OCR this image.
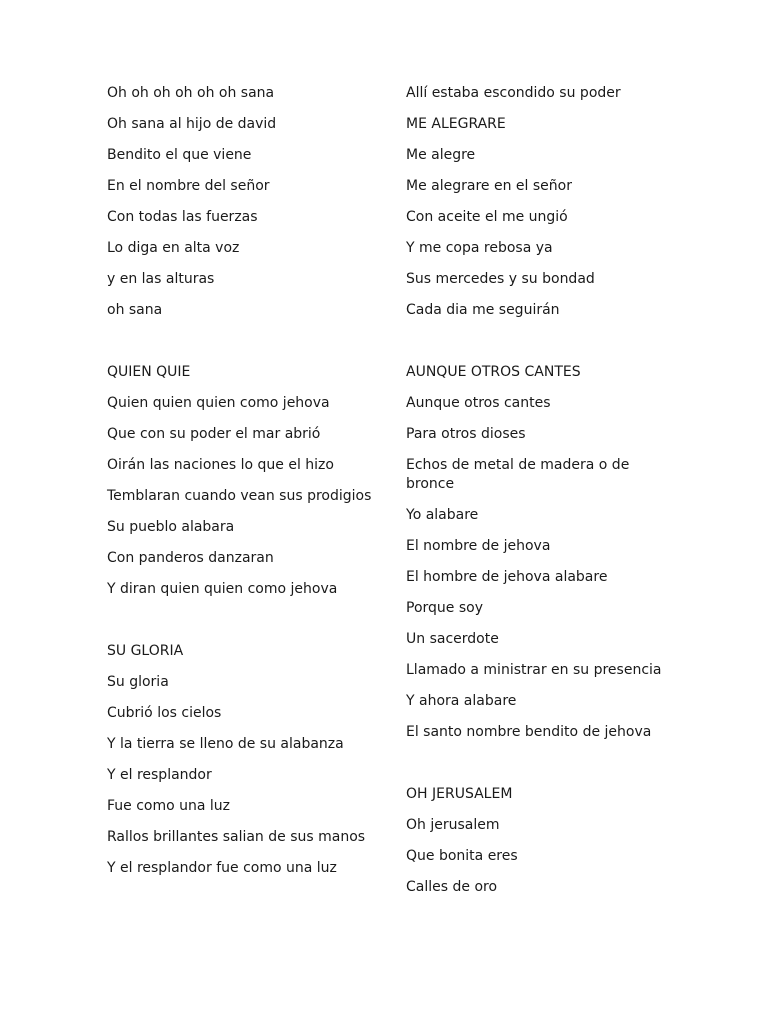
Oh oh oh oh oh oh sana

Oh sana al hijo de david

Bendito el que viene

En el nombre del señor

Con todas las fuerzas

Lo diga en alta voz

y en las alturas

oh sana

QUIEN QUIE

Quien quien quien como jehova

Que con su poder el mar abrió

Oirán las naciones lo que el hizo

Temblaran cuando vean sus prodigios

Su pueblo alabara

Con panderos danzaran

Y diran quien quien como jehova

SU GLORIA

Su gloria

Cubrió los cielos

Y la tierra se lleno de su alabanza

Y el resplandor

Fue como una luz

Rallos brillantes salian de sus manos

Y el resplandor fue como una luz

Allí estaba escondido su poder

ME ALEGRARE

Me alegre

Me alegrare en el señor

Con aceite el me ungió

Y me copa rebosa ya

Sus mercedes y su bondad

Cada dia me seguirán

AUNQUE OTROS CANTES

Aunque otros cantes

Para otros dioses

Echos de metal de madera o de bronce

Yo alabare

El nombre de jehova

El hombre de jehova alabare

Porque soy

Un sacerdote

Llamado a ministrar en su presencia

Y ahora alabare

El santo nombre bendito de jehova

OH JERUSALEM

Oh jerusalem

Que bonita eres

Calles de oro
